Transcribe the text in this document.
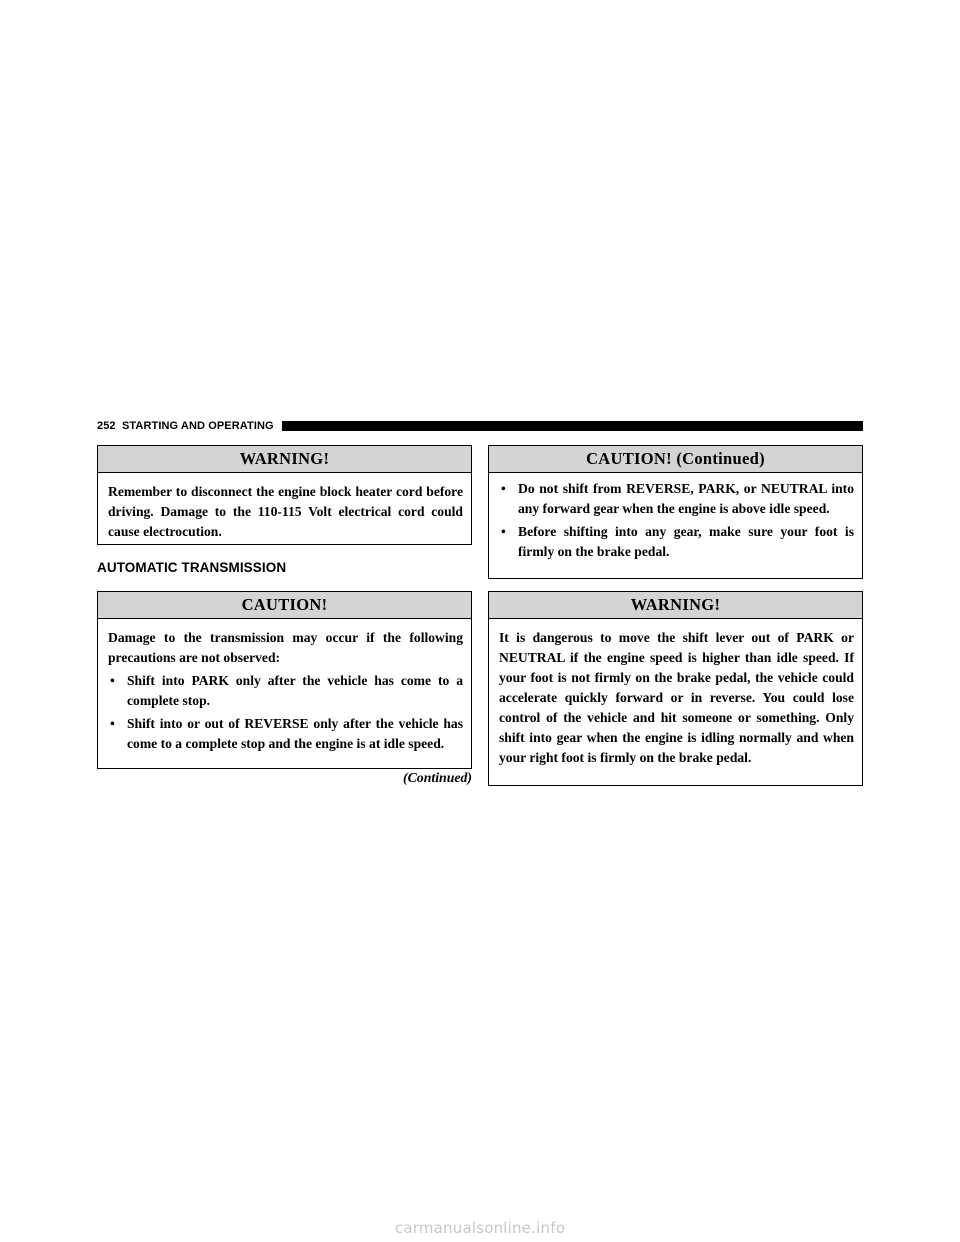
252 STARTING AND OPERATING
WARNING!

Remember to disconnect the engine block heater cord before driving. Damage to the 110-115 Volt electrical cord could cause electrocution.

AUTOMATIC TRANSMISSION
CAUTION!

Damage to the transmission may occur if the following precautions are not observed:

• Shift into PARK only after the vehicle has come to a complete stop.
• Shift into or out of REVERSE only after the vehicle has come to a complete stop and the engine is at idle speed.
(Continued)
CAUTION! (Continued)
• Do not shift from REVERSE, PARK, or NEUTRAL into any forward gear when the engine is above idle speed.
• Before shifting into any gear, make sure your foot is firmly on the brake pedal.
WARNING!

It is dangerous to move the shift lever out of PARK or NEUTRAL if the engine speed is higher than idle speed. If your foot is not firmly on the brake pedal, the vehicle could accelerate quickly forward or in reverse. You could lose control of the vehicle and hit someone or something. Only shift into gear when the engine is idling normally and when your right foot is firmly on the brake pedal.

carmanualsonline.info
